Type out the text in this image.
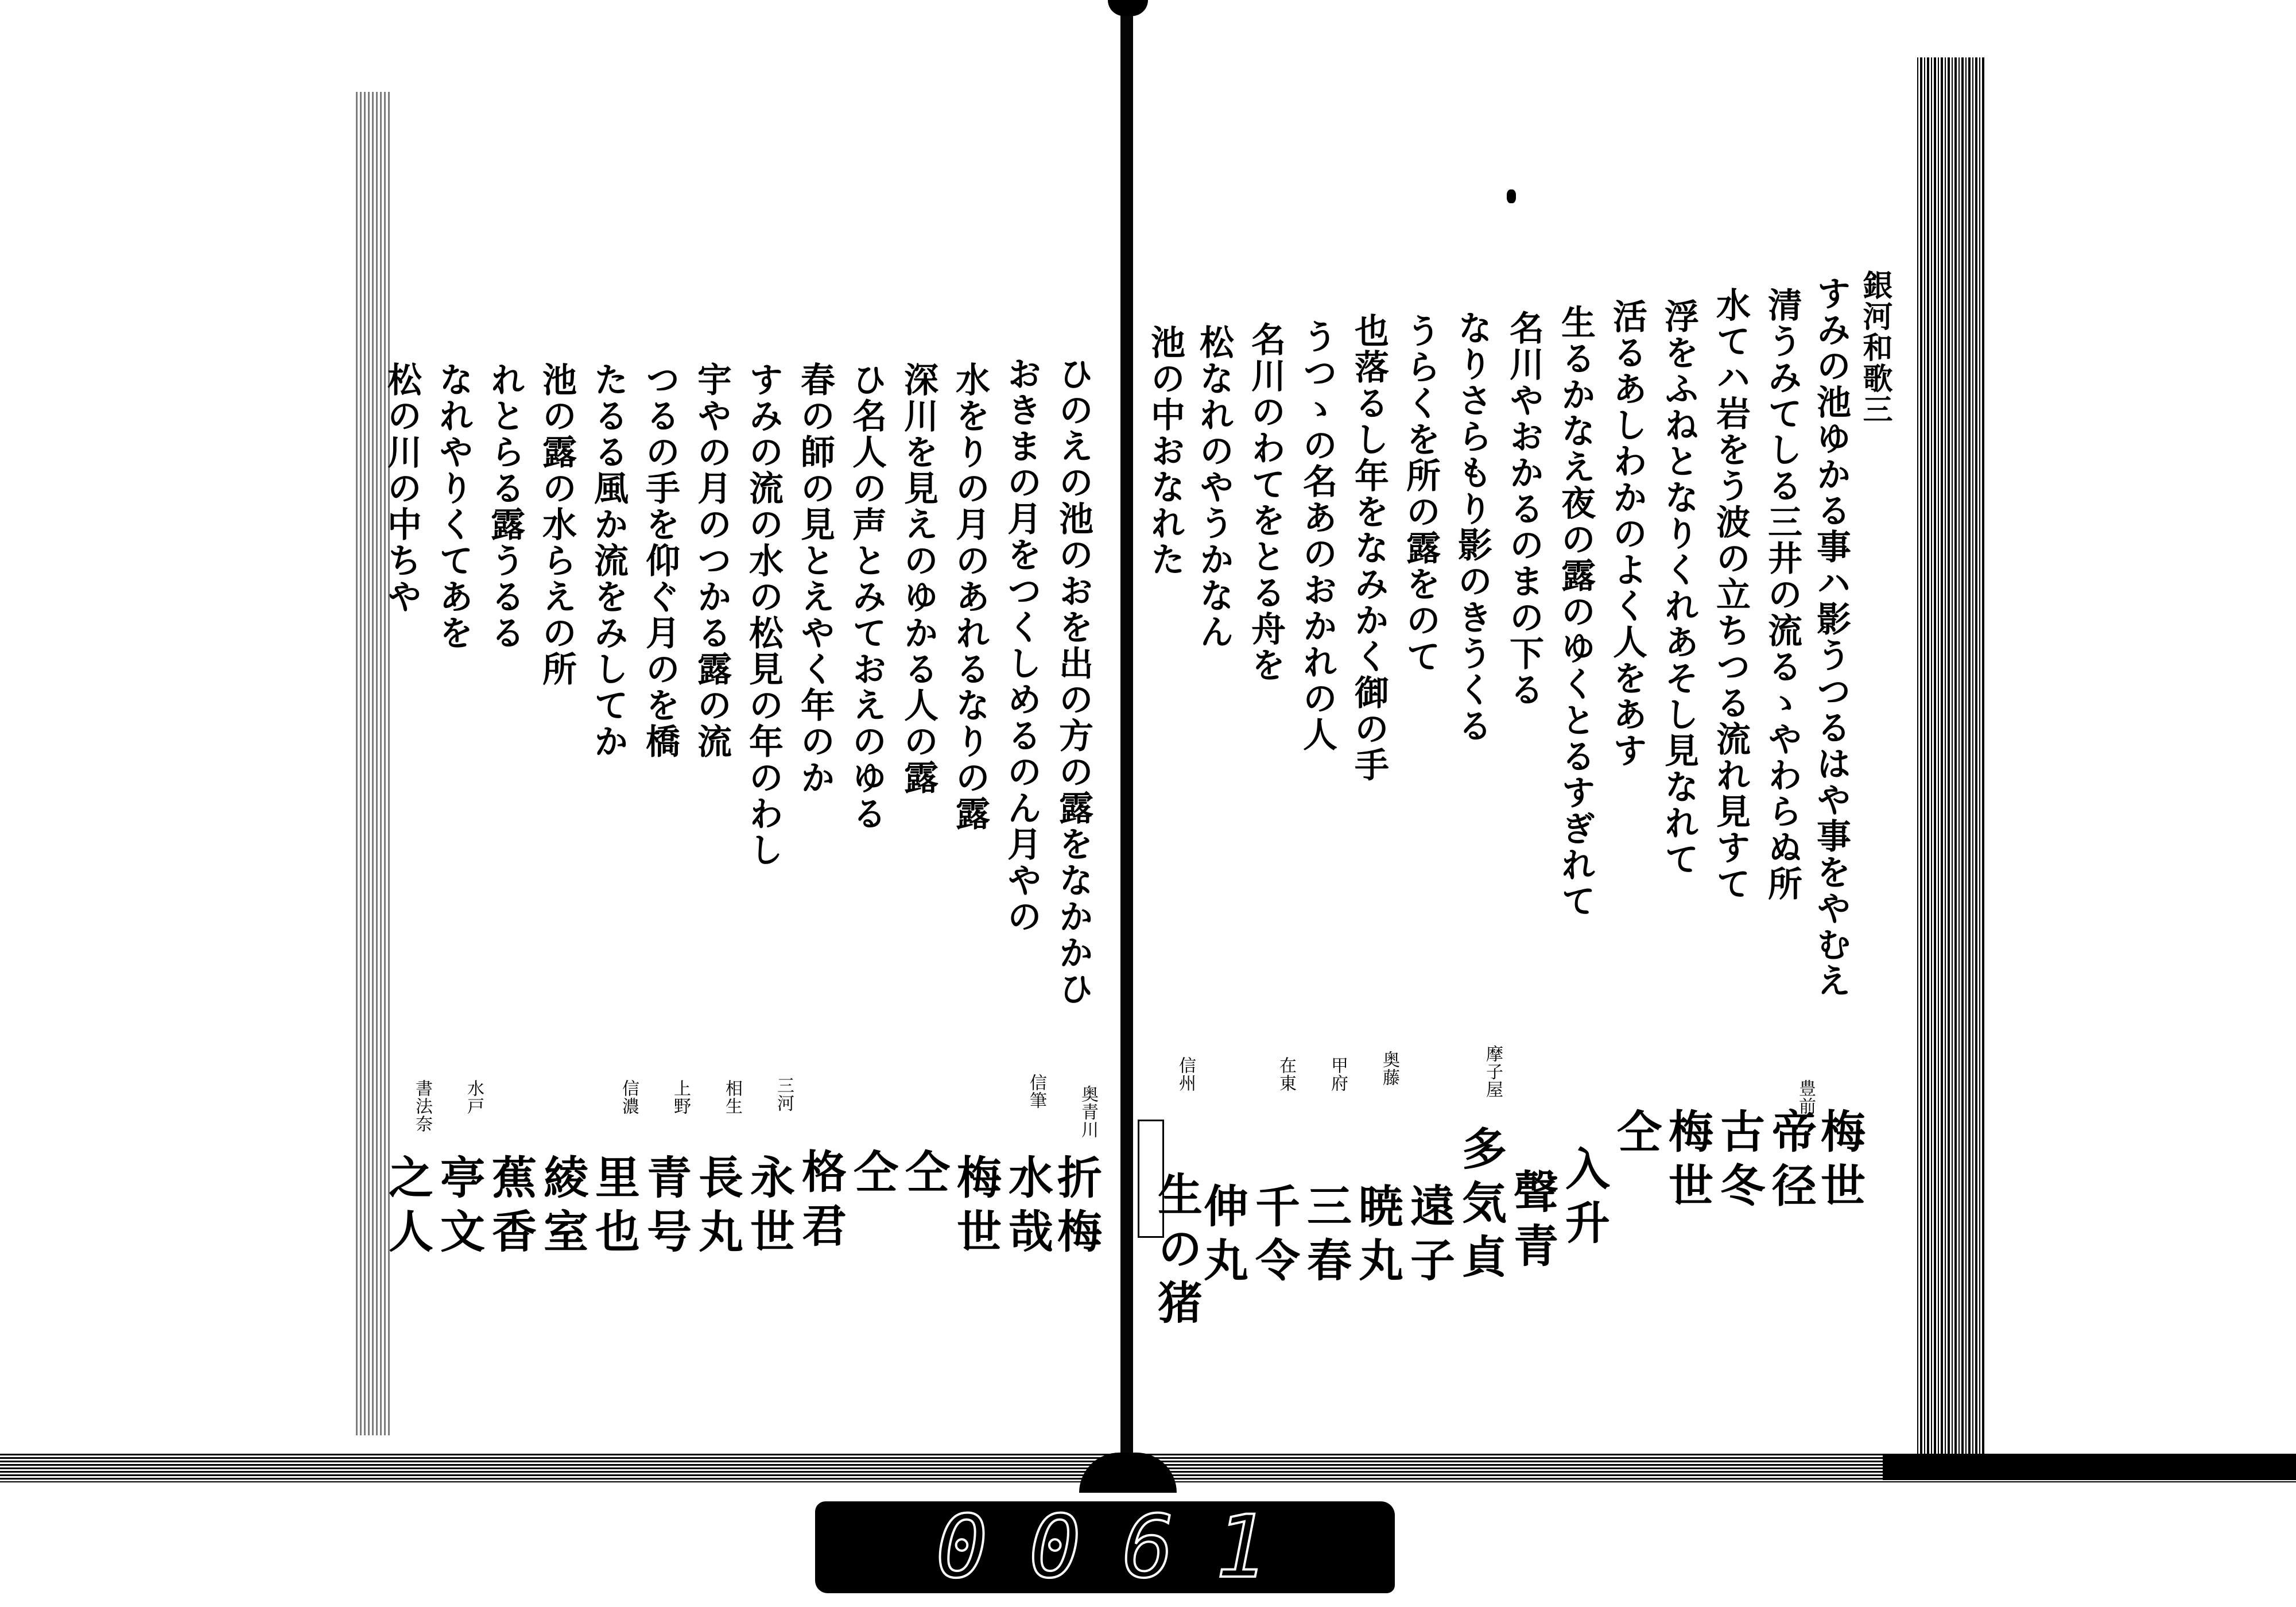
銀河和歌三
すみの池ゆかる事ハ影うつるはや事をやむえ
清うみてしる三井の流るゝやわらぬ所
水てハ岩をう波の立ちつる流れ見すて
浮をふねとなりくれあそし見なれて
活るあしわかのよく人をあす
生るかなえ夜の露のゆくとるすぎれて
名川やおかるのまの下る
なりさらもり影のきうくる
うらくを所の露をのて
也落るし年をなみかく御の手
うつゝの名あのおかれの人
名川のわてをとる舟を
松なれのやうかなん
池の中おなれた
梅世
豊前
帝径
古冬
梅世
仝
入升
聲青
摩子屋
多気貞
遠子
奥藤
暁丸
甲府
三春
在東
千令
伸丸
信州
生の猪
ひのえの池のおを出の方の露をなかかひ
おきまの月をつくしめるのん月やの
水をりの月のあれるなりの露
深川を見えのゆかる人の露
ひ名人の声とみておえのゆる
春の師の見とえやく年のか
すみの流の水の松見の年のわし
宇やの月のつかる露の流
つるの手を仰ぐ月のを橋
たるる風か流をみしてか
池の露の水らえの所
れとらる露うるる
なれやりくてあを
松の川の中ちや
奥青川
折梅
信筆
水哉
梅世
仝
仝
格君
三河
永世
相生
長丸
上野
青号
信濃
里也
綾室
蕉香
水戸
亭文
書法奈
之人
0061
